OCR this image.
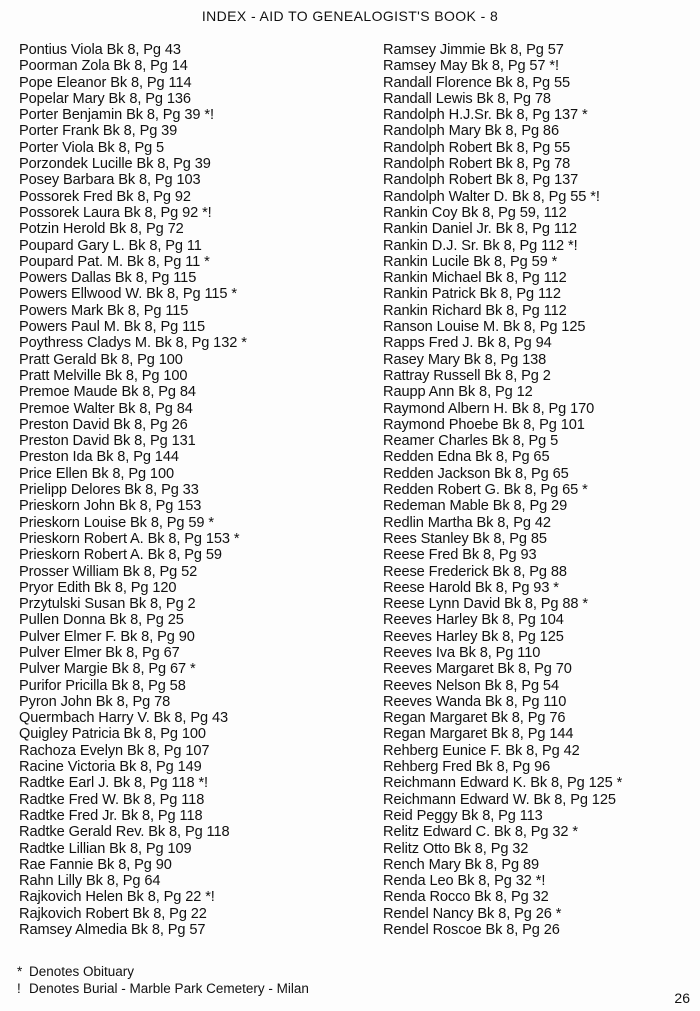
INDEX - AID TO GENEALOGIST'S BOOK - 8
Pontius Viola Bk 8, Pg 43
Poorman Zola Bk 8, Pg 14
Pope Eleanor Bk 8, Pg 114
Popelar Mary Bk 8, Pg 136
Porter Benjamin Bk 8, Pg 39 *!
Porter Frank Bk 8, Pg 39
Porter Viola Bk 8, Pg 5
Porzondek Lucille Bk 8, Pg 39
Posey Barbara Bk 8, Pg 103
Possorek Fred Bk 8, Pg 92
Possorek Laura Bk 8, Pg 92 *!
Potzin Herold Bk 8, Pg 72
Poupard Gary L. Bk 8, Pg 11
Poupard Pat. M. Bk 8, Pg 11 *
Powers Dallas Bk 8, Pg 115
Powers Ellwood W. Bk 8, Pg 115 *
Powers Mark Bk 8, Pg 115
Powers Paul M. Bk 8, Pg 115
Poythress Cladys M. Bk 8, Pg 132 *
Pratt Gerald Bk 8, Pg 100
Pratt Melville Bk 8, Pg 100
Premoe Maude Bk 8, Pg 84
Premoe Walter Bk 8, Pg 84
Preston David Bk 8, Pg 26
Preston David Bk 8, Pg 131
Preston Ida Bk 8, Pg 144
Price Ellen Bk 8, Pg 100
Prielipp Delores Bk 8, Pg 33
Prieskorn John Bk 8, Pg 153
Prieskorn Louise Bk 8, Pg 59 *
Prieskorn Robert A. Bk 8, Pg 153 *
Prieskorn Robert A. Bk 8, Pg 59
Prosser William Bk 8, Pg 52
Pryor Edith Bk 8, Pg 120
Przytulski Susan Bk 8, Pg 2
Pullen Donna Bk 8, Pg 25
Pulver Elmer F. Bk 8, Pg 90
Pulver Elmer Bk 8, Pg 67
Pulver Margie Bk 8, Pg 67 *
Purifor Pricilla Bk 8, Pg 58
Pyron John Bk 8, Pg 78
Quermbach Harry V. Bk 8, Pg 43
Quigley Patricia Bk 8, Pg 100
Rachoza Evelyn Bk 8, Pg 107
Racine Victoria Bk 8, Pg 149
Radtke Earl J. Bk 8, Pg 118 *!
Radtke Fred W. Bk 8, Pg 118
Radtke Fred Jr. Bk 8, Pg 118
Radtke Gerald Rev. Bk 8, Pg 118
Radtke Lillian Bk 8, Pg 109
Rae Fannie Bk 8, Pg 90
Rahn Lilly Bk 8, Pg 64
Rajkovich Helen Bk 8, Pg 22 *!
Rajkovich Robert Bk 8, Pg 22
Ramsey Almedia Bk 8, Pg 57
Ramsey Jimmie Bk 8, Pg 57
Ramsey May Bk 8, Pg 57 *!
Randall Florence Bk 8, Pg 55
Randall Lewis Bk 8, Pg 78
Randolph H.J.Sr. Bk 8, Pg 137 *
Randolph Mary Bk 8, Pg 86
Randolph Robert Bk 8, Pg 55
Randolph Robert Bk 8, Pg 78
Randolph Robert Bk 8, Pg 137
Randolph Walter D. Bk 8, Pg 55 *!
Rankin Coy Bk 8, Pg 59, 112
Rankin Daniel Jr. Bk 8, Pg 112
Rankin D.J. Sr. Bk 8, Pg 112 *!
Rankin Lucile Bk 8, Pg 59 *
Rankin Michael Bk 8, Pg 112
Rankin Patrick Bk 8, Pg 112
Rankin Richard Bk 8, Pg 112
Ranson Louise M. Bk 8, Pg 125
Rapps Fred J. Bk 8, Pg 94
Rasey Mary Bk 8, Pg 138
Rattray Russell Bk 8, Pg 2
Raupp Ann Bk 8, Pg 12
Raymond Albern H. Bk 8, Pg 170
Raymond Phoebe Bk 8, Pg 101
Reamer Charles Bk 8, Pg 5
Redden Edna Bk 8, Pg 65
Redden Jackson Bk 8, Pg 65
Redden Robert G. Bk 8, Pg 65 *
Redeman Mable Bk 8, Pg 29
Redlin Martha Bk 8, Pg 42
Rees Stanley Bk 8, Pg 85
Reese Fred Bk 8, Pg 93
Reese Frederick Bk 8, Pg 88
Reese Harold Bk 8, Pg 93 *
Reese Lynn David Bk 8, Pg 88 *
Reeves Harley Bk 8, Pg 104
Reeves Harley Bk 8, Pg 125
Reeves Iva Bk 8, Pg 110
Reeves Margaret Bk 8, Pg 70
Reeves Nelson Bk 8, Pg 54
Reeves Wanda Bk 8, Pg 110
Regan Margaret Bk 8, Pg 76
Regan Margaret Bk 8, Pg 144
Rehberg Eunice F. Bk 8, Pg 42
Rehberg Fred Bk 8, Pg 96
Reichmann Edward K. Bk 8, Pg 125 *
Reichmann Edward W. Bk 8, Pg 125
Reid Peggy Bk 8, Pg 113
Relitz Edward C. Bk 8, Pg 32 *
Relitz Otto Bk 8, Pg 32
Rench Mary Bk 8, Pg 89
Renda Leo Bk 8, Pg 32 *!
Renda Rocco Bk 8, Pg 32
Rendel Nancy Bk 8, Pg 26 *
Rendel Roscoe Bk 8, Pg 26
* Denotes Obituary
! Denotes Burial - Marble Park Cemetery - Milan
26
